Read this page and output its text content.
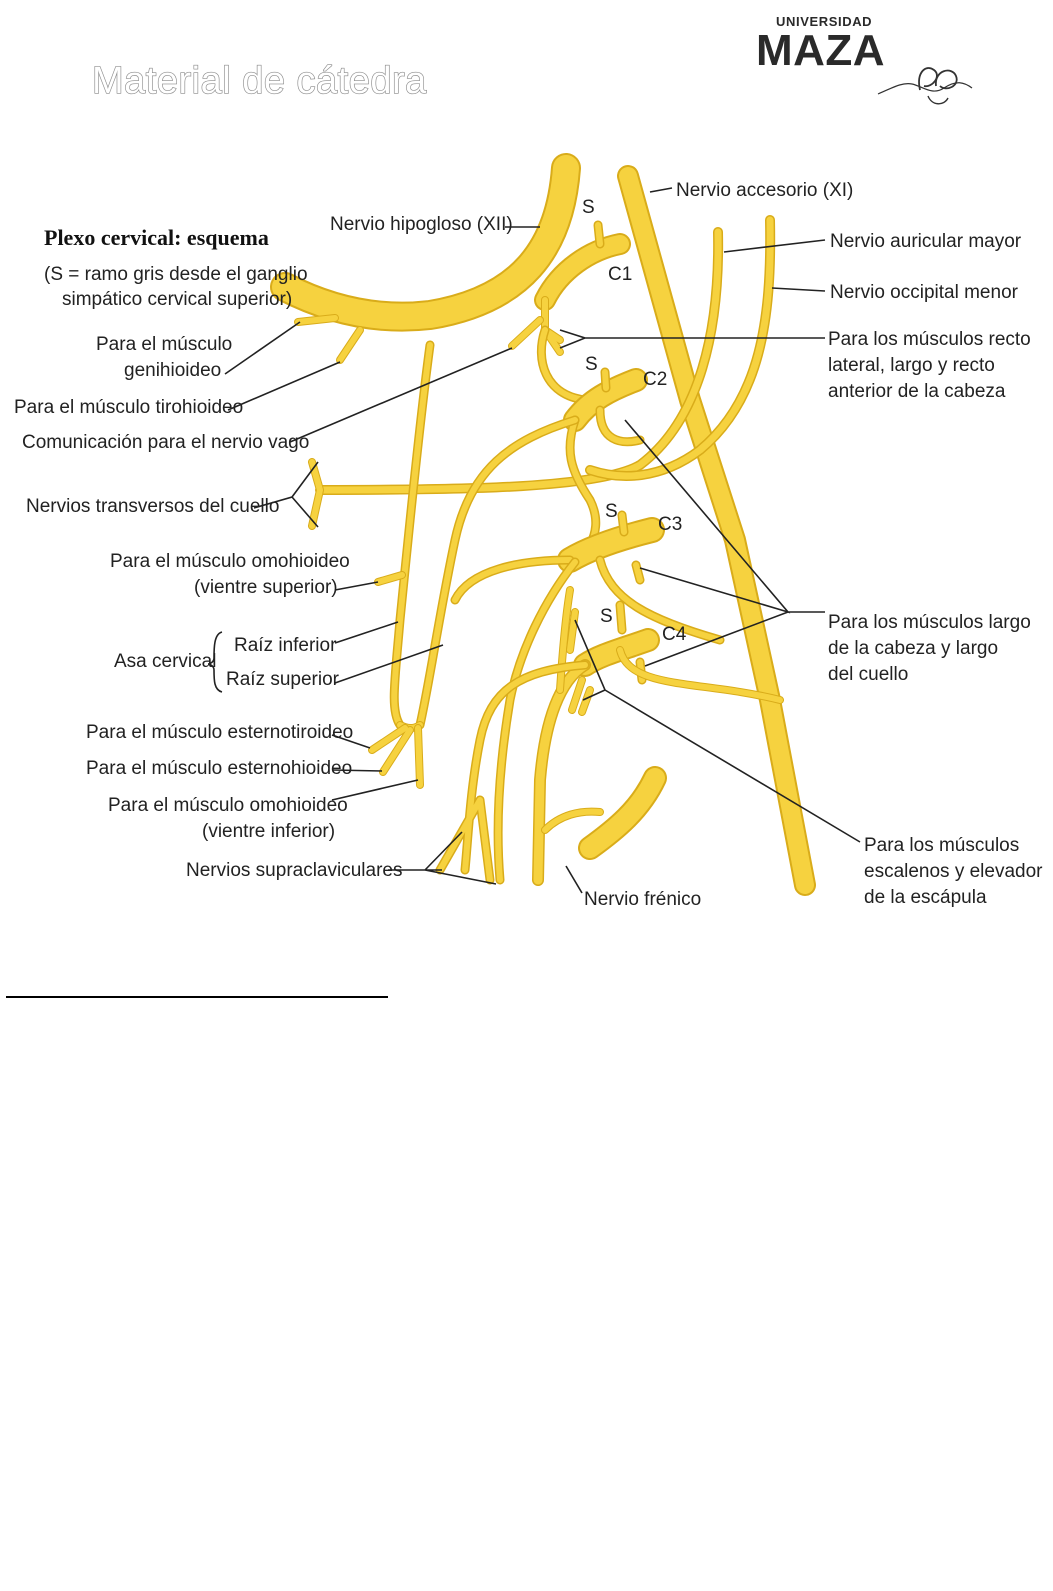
Material de cátedra
UNIVERSIDAD
MAZA
Plexo cervical: esquema
(S = ramo gris desde el ganglio
simpático cervical superior)
Nervio hipogloso (XII)
Nervio accesorio (XI)
S
C1
S
C2
S
C3
S
C4
Nervio auricular mayor
Nervio occipital menor
Para los músculos recto
lateral, largo y recto
anterior de la cabeza
Para los músculos largo
de la cabeza y largo
del cuello
Para los músculos
escalenos y elevador
de la escápula
Para el músculo
genihioideo
Para el músculo tirohioideo
Comunicación para el nervio vago
Nervios transversos del cuello
Para el músculo omohioideo
(vientre superior)
Asa cervical
Raíz inferior
Raíz superior
Para el músculo esternotiroideo
Para el músculo esternohioideo
Para el músculo omohioideo
(vientre inferior)
Nervios supraclaviculares
Nervio frénico
